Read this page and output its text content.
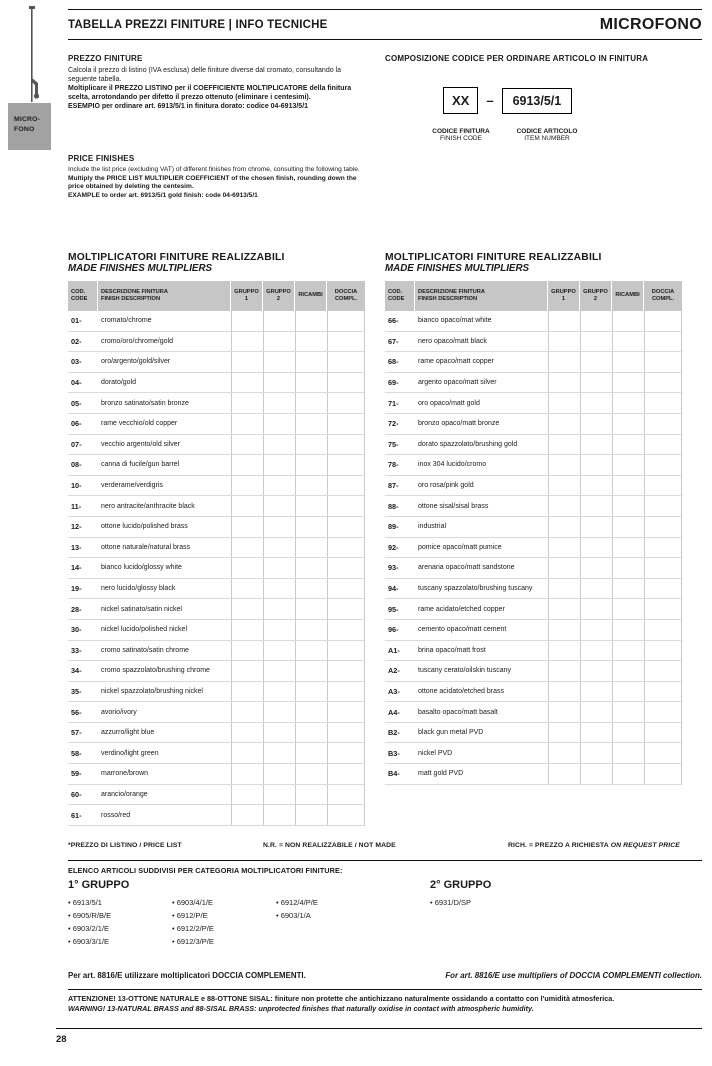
MICRO-
FONO
TABELLA PREZZI FINITURE | INFO TECNICHE	MICROFONO
PREZZO FINITURE

Calcola il prezzo di listino (IVA esclusa) delle finiture diverse dal cromato, consultando la seguente tabella.

Moltiplicare il PREZZO LISTINO per il COEFFICIENTE MOLTIPLICATORE della finitura scelta, arrotondando per difetto il prezzo ottenuto (eliminare i centesimi).

ESEMPIO per ordinare art. 6913/5/1 in finitura dorato: codice 04-6913/5/1

PRICE FINISHES

Include the list price (excluding VAT) of different finishes from chrome, consulting the following table.

Multiply the PRICE LIST MULTIPLIER COEFFICIENT of the chosen finish, rounding down the price obtained by deleting the centesim.

EXAMPLE to order art. 6913/5/1 gold finish: code 04-6913/5/1

COMPOSIZIONE CODICE PER ORDINARE ARTICOLO IN FINITURA
XX	–	6913/5/1
CODICE FINITURA
FINISH CODE
CODICE ARTICOLO
ITEM NUMBER
MOLTIPLICATORI FINITURE REALIZZABILI
MADE FINISHES MULTIPLIERS
COD.
CODE
DESCRIZIONE FINITURA
FINISH DESCRIPTION
GRUPPO
1
GRUPPO
2
RICAMBI
DOCCIA
COMPL.
01-	cromato/chrome
02-	cromo/oro/chrome/gold
03-	oro/argento/gold/silver
04-	dorato/gold
05-	bronzo satinato/satin bronze
06-	rame vecchio/old copper
07-	vecchio argento/old silver
08-	canna di fucile/gun barrel
10-	verderame/verdigris
11-	nero antracite/anthracite black
12-	ottone lucido/polished brass
13-	ottone naturale/natural brass
14-	bianco lucido/glossy white
19-	nero lucido/glossy black
28-	nickel satinato/satin nickel
30-	nickel lucido/polished nickel
33-	cromo satinato/satin chrome
34-	cromo spazzolato/brushing chrome
35-	nickel spazzolato/brushing nickel
56-	avorio/ivory
57-	azzurro/light blue
58-	verdino/light green
59-	marrone/brown
60-	arancio/orange
61-	rosso/red
MOLTIPLICATORI FINITURE REALIZZABILI
MADE FINISHES MULTIPLIERS
COD.
CODE
DESCRIZIONE FINITURA
FINISH DESCRIPTION
GRUPPO
1
GRUPPO
2
RICAMBI
DOCCIA
COMPL.
66-	bianco opaco/mat white
67-	nero opaco/matt black
68-	rame opaco/matt copper
69-	argento opaco/matt silver
71-	oro opaco/matt gold
72-	bronzo opaco/matt bronze
75-	dorato spazzolato/brushing gold
78-	inox 304 lucido/cromo
87-	oro rosa/pink gold
88-	ottone sisal/sisal brass
89-	industrial
92-	pomice opaco/matt pumice
93-	arenaria opaco/matt sandstone
94-	tuscany spazzolato/brushing tuscany
95-	rame acidato/etched copper
96-	cemento opaco/matt cement
A1-	brina opaco/matt frost
A2-	tuscany cerato/oilskin tuscany
A3-	ottone acidato/etched brass
A4-	basalto opaco/matt basalt
B2-	black gun metal PVD
B3-	nickel PVD
B4-	matt gold PVD
*PREZZO DI LISTINO / PRICE LIST	N.R. = NON REALIZZABILE / NOT MADE	RICH. = PREZZO A RICHIESTA ON REQUEST PRICE
ELENCO ARTICOLI SUDDIVISI PER CATEGORIA MOLTIPLICATORI FINITURE:
1° GRUPPO
• 6913/5/1
• 6905/R/B/E
• 6903/2/1/E
• 6903/3/1/E
• 6903/4/1/E
• 6912/P/E
• 6912/2/P/E
• 6912/3/P/E
• 6912/4/P/E
• 6903/1/A
2° GRUPPO
• 6931/D/SP
Per art. 8816/E utilizzare moltiplicatori DOCCIA COMPLEMENTI.	For art. 8816/E use multipliers of DOCCIA COMPLEMENTI collection.
ATTENZIONE! 13-OTTONE NATURALE e 88-OTTONE SISAL: finiture non protette che antichizzano naturalmente ossidando a contatto con l'umidità atmosferica.
WARNING! 13-NATURAL BRASS and 88-SISAL BRASS: unprotected finishes that naturally oxidise in contact with atmospheric humidity.
28
